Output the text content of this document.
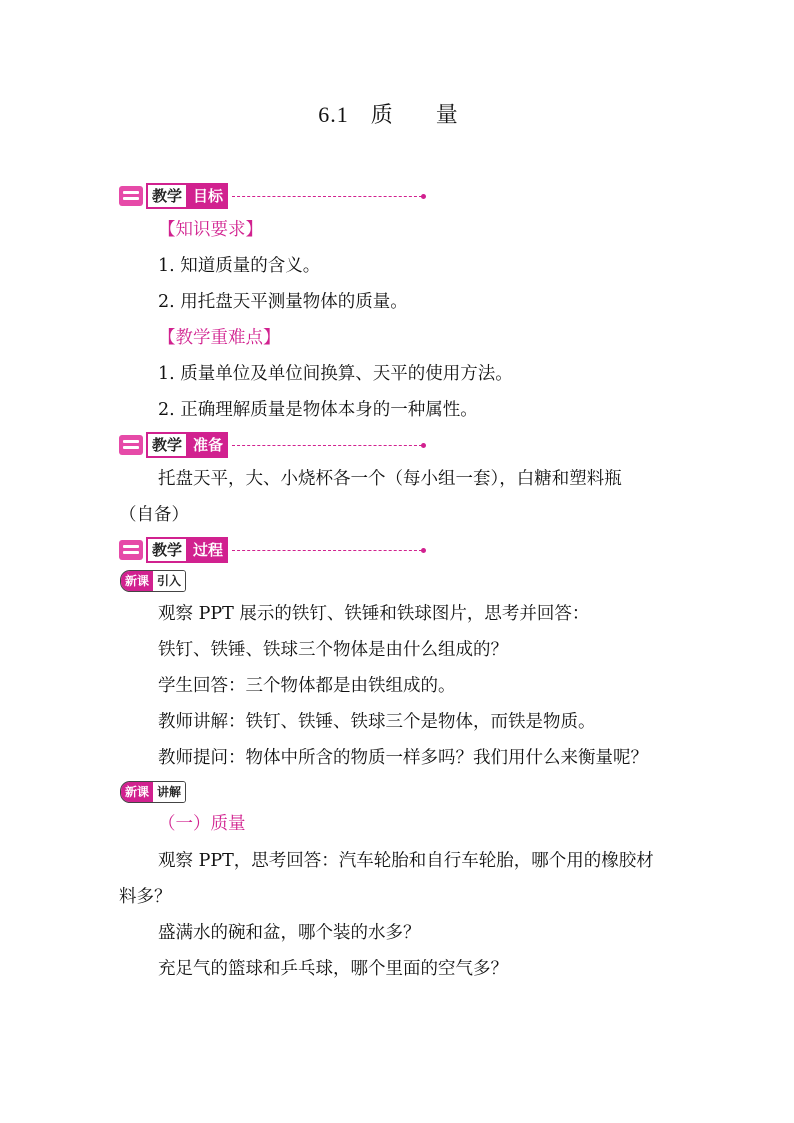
6.1 质 量
教学 目标
【知识要求】
1. 知道质量的含义。
2. 用托盘天平测量物体的质量。
【教学重难点】
1. 质量单位及单位间换算、天平的使用方法。
2. 正确理解质量是物体本身的一种属性。
教学 准备
托盘天平，大、小烧杯各一个（每小组一套），白糖和塑料瓶
（自备）
教学 过程
新课 引入
观察 PPT 展示的铁钉、铁锤和铁球图片，思考并回答：
铁钉、铁锤、铁球三个物体是由什么组成的？
学生回答：三个物体都是由铁组成的。
教师讲解：铁钉、铁锤、铁球三个是物体，而铁是物质。
教师提问：物体中所含的物质一样多吗？我们用什么来衡量呢？
新课 讲解
（一）质量
观察 PPT，思考回答：汽车轮胎和自行车轮胎，哪个用的橡胶材
料多？
盛满水的碗和盆，哪个装的水多？
充足气的篮球和乒乓球，哪个里面的空气多？
